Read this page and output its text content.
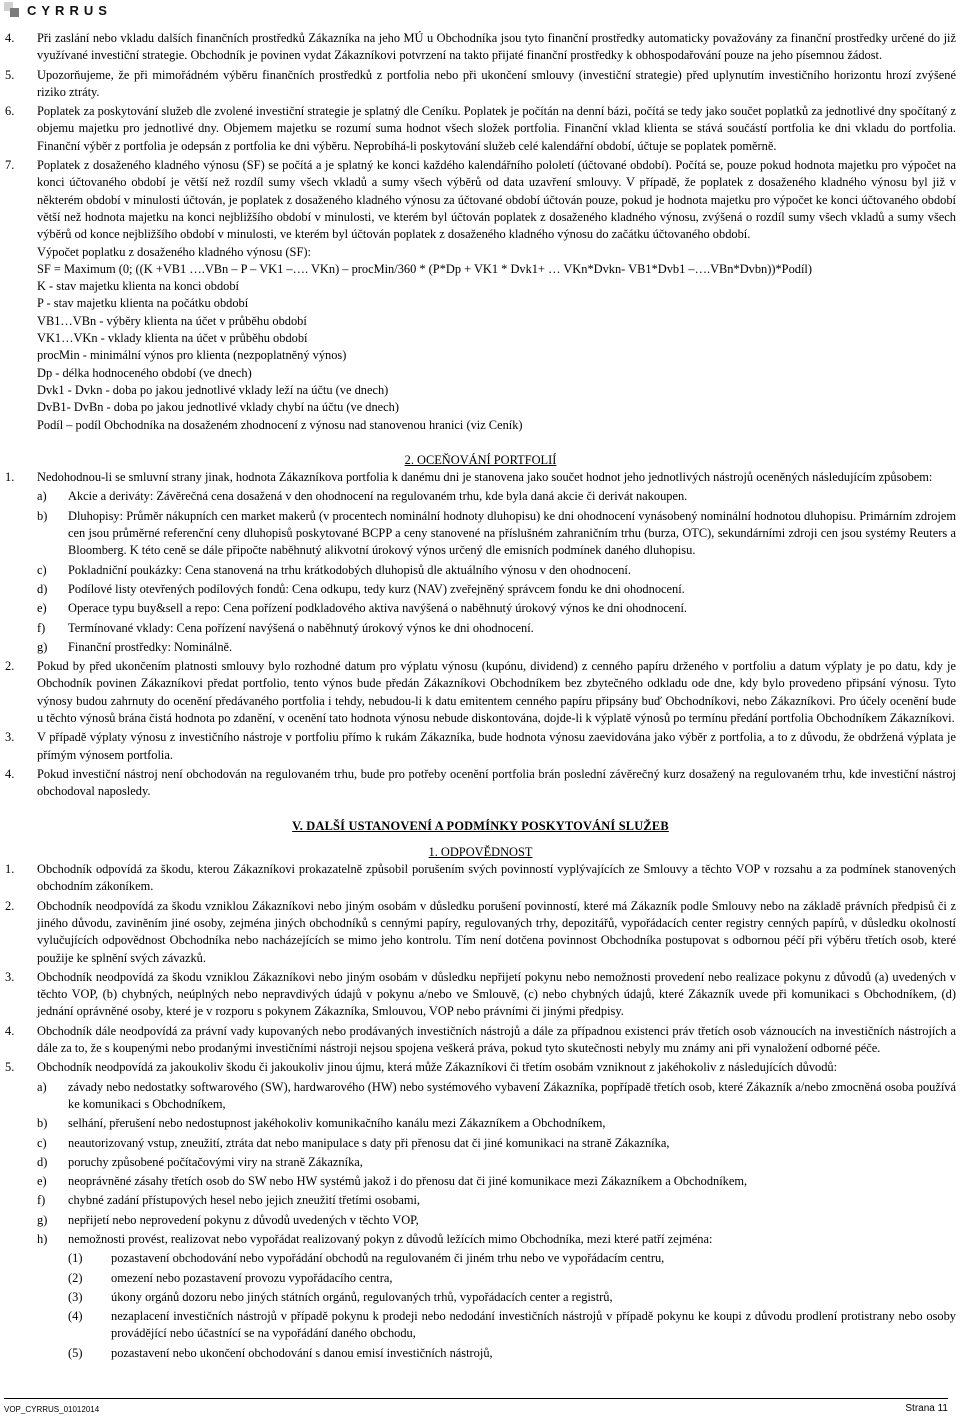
CYRRUS
4. Při zaslání nebo vkladu dalších finančních prostředků Zákazníka na jeho MÚ u Obchodníka jsou tyto finanční prostředky automaticky považovány za finanční prostředky určené do již využívané investiční strategie. Obchodník je povinen vydat Zákazníkovi potvrzení na takto přijaté finanční prostředky k obhospodařování pouze na jeho písemnou žádost.
5. Upozorňujeme, že při mimořádném výběru finančních prostředků z portfolia nebo při ukončení smlouvy (investiční strategie) před uplynutím investičního horizontu hrozí zvýšené riziko ztráty.
6. Poplatek za poskytování služeb dle zvolené investiční strategie je splatný dle Ceníku. Poplatek je počítán na denní bázi, počítá se tedy jako součet poplatků za jednotlivé dny spočítaný z objemu majetku pro jednotlivé dny. Objemem majetku se rozumí suma hodnot všech složek portfolia. Finanční vklad klienta se stává součástí portfolia ke dni vkladu do portfolia. Finanční výběr z portfolia je odepsán z portfolia ke dni výběru. Neprobíhá-li poskytování služeb celé kalendářní období, účtuje se poplatek poměrně.
7. Poplatek z dosaženého kladného výnosu (SF) se počítá a je splatný ke konci každého kalendářního pololetí (účtované období). Počítá se, pouze pokud hodnota majetku pro výpočet na konci účtovaného období je větší než rozdíl sumy všech vkladů a sumy všech výběrů od data uzavření smlouvy. V případě, že poplatek z dosaženého kladného výnosu byl již v některém období v minulosti účtován, je poplatek z dosaženého kladného výnosu za účtované období účtován pouze, pokud je hodnota majetku pro výpočet ke konci účtovaného období větší než hodnota majetku na konci nejbližšího období v minulosti, ve kterém byl účtován poplatek z dosaženého kladného výnosu, zvýšená o rozdíl sumy všech vkladů a sumy všech výběrů od konce nejbližšího období v minulosti, ve kterém byl účtován poplatek z dosaženého kladného výnosu do začátku účtovaného období.

Výpočet poplatku z dosaženého kladného výnosu (SF):

SF = Maximum (0; ((K +VB1 ….VBn – P – VK1 –…. VKn) – procMin/360 * (P*Dp + VK1 * Dvk1+ … VKn*Dvkn- VB1*Dvb1 –….VBn*Dvbn))*Podíl)

K - stav majetku klienta na konci období

P - stav majetku klienta na počátku období

VB1…VBn - výběry klienta na účet v průběhu období

VK1…VKn - vklady klienta na účet v průběhu období

procMin - minimální výnos pro klienta (nezpoplatněný výnos)

Dp - délka hodnoceného období (ve dnech)

Dvk1 - Dvkn - doba po jakou jednotlivé vklady leží na účtu (ve dnech)

DvB1- DvBn - doba po jakou jednotlivé vklady chybí na účtu (ve dnech)

Podíl – podíl Obchodníka na dosaženém zhodnocení z výnosu nad stanovenou hranici (viz Ceník)

2. OCEŇOVÁNÍ PORTFOLIÍ

1. Nedohodnou-li se smluvní strany jinak, hodnota Zákazníkova portfolia k danému dni je stanovena jako součet hodnot jeho jednotlivých nástrojů oceněných následujícím způsobem:
a) Akcie a deriváty: Závěrečná cena dosažená v den ohodnocení na regulovaném trhu, kde byla daná akcie či derivát nakoupen.
b) Dluhopisy: Průměr nákupních cen market makerů (v procentech nominální hodnoty dluhopisu) ke dni ohodnocení vynásobený nominální hodnotou dluhopisu. Primárním zdrojem cen jsou průměrné referenční ceny dluhopisů poskytované BCPP a ceny stanovené na příslušném zahraničním trhu (burza, OTC), sekundárními zdroji cen jsou systémy Reuters a Bloomberg. K této ceně se dále připočte naběhnutý alikvotní úrokový výnos určený dle emisních podmínek daného dluhopisu.
c) Pokladniční poukázky: Cena stanovená na trhu krátkodobých dluhopisů dle aktuálního výnosu v den ohodnocení.
d) Podílové listy otevřených podílových fondů: Cena odkupu, tedy kurz (NAV) zveřejněný správcem fondu ke dni ohodnocení.
e) Operace typu buy&sell a repo: Cena pořízení podkladového aktiva navýšená o naběhnutý úrokový výnos ke dni ohodnocení.
f) Termínované vklady: Cena pořízení navýšená o naběhnutý úrokový výnos ke dni ohodnocení.
g) Finanční prostředky: Nominálně.
2. Pokud by před ukončením platnosti smlouvy bylo rozhodné datum pro výplatu výnosu (kupónu, dividend) z cenného papíru drženého v portfoliu a datum výplaty je po datu, kdy je Obchodník povinen Zákazníkovi předat portfolio, tento výnos bude předán Zákazníkovi Obchodníkem bez zbytečného odkladu ode dne, kdy bylo provedeno připsání výnosu. Tyto výnosy budou zahrnuty do ocenění předávaného portfolia i tehdy, nebudou-li k datu emitentem cenného papíru připsány buď Obchodníkovi, nebo Zákazníkovi. Pro účely ocenění bude u těchto výnosů brána čistá hodnota po zdanění, v ocenění tato hodnota výnosu nebude diskontována, dojde-li k výplatě výnosů po termínu předání portfolia Obchodníkem Zákazníkovi.
3. V případě výplaty výnosu z investičního nástroje v portfoliu přímo k rukám Zákazníka, bude hodnota výnosu zaevidována jako výběr z portfolia, a to z důvodu, že obdržená výplata je přímým výnosem portfolia.
4. Pokud investiční nástroj není obchodován na regulovaném trhu, bude pro potřeby ocenění portfolia brán poslední závěrečný kurz dosažený na regulovaném trhu, kde investiční nástroj obchodoval naposledy.

V. DALŠÍ USTANOVENÍ A PODMÍNKY POSKYTOVÁNÍ SLUŽEB

1. ODPOVĚDNOST

1. Obchodník odpovídá za škodu, kterou Zákazníkovi prokazatelně způsobil porušením svých povinností vyplývajících ze Smlouvy a těchto VOP v rozsahu a za podmínek stanovených obchodním zákoníkem.
2. Obchodník neodpovídá za škodu vzniklou Zákazníkovi nebo jiným osobám v důsledku porušení povinností, které má Zákazník podle Smlouvy nebo na základě právních předpisů či z jiného důvodu, zaviněním jiné osoby, zejména jiných obchodníků s cennými papíry, regulovaných trhy, depozitářů, vypořádacích center registry cenných papírů, v důsledku okolností vylučujících odpovědnost Obchodníka nebo nacházejících se mimo jeho kontrolu. Tím není dotčena povinnost Obchodníka postupovat s odbornou péčí při výběru třetích osob, které použije ke splnění svých závazků.
3. Obchodník neodpovídá za škodu vzniklou Zákazníkovi nebo jiným osobám v důsledku nepřijetí pokynu nebo nemožnosti provedení nebo realizace pokynu z důvodů (a) uvedených v těchto VOP, (b) chybných, neúplných nebo nepravdivých údajů v pokynu a/nebo ve Smlouvě, (c) nebo chybných údajů, které Zákazník uvede při komunikaci s Obchodníkem, (d) jednání oprávněné osoby, které je v rozporu s pokynem Zákazníka, Smlouvou, VOP nebo právními či jinými předpisy.
4. Obchodník dále neodpovídá za právní vady kupovaných nebo prodávaných investičních nástrojů a dále za případnou existenci práv třetích osob váznoucích na investičních nástrojích a dále za to, že s koupenými nebo prodanými investičními nástroji nejsou spojena veškerá práva, pokud tyto skutečnosti nebyly mu známy ani při vynaložení odborné péče.
5. Obchodník neodpovídá za jakoukoliv škodu či jakoukoliv jinou újmu, která může Zákazníkovi či třetím osobám vzniknout z jakéhokoliv z následujících důvodů:
a) závady nebo nedostatky softwarového (SW), hardwarového (HW) nebo systémového vybavení Zákazníka, popřípadě třetích osob, které Zákazník a/nebo zmocněná osoba používá ke komunikaci s Obchodníkem,
b) selhání, přerušení nebo nedostupnost jakéhokoliv komunikačního kanálu mezi Zákazníkem a Obchodníkem,
c) neautorizovaný vstup, zneužití, ztráta dat nebo manipulace s daty při přenosu dat či jiné komunikaci na straně Zákazníka,
d) poruchy způsobené počítačovými viry na straně Zákazníka,
e) neoprávněné zásahy třetích osob do SW nebo HW systémů jakož i do přenosu dat či jiné komunikace mezi Zákazníkem a Obchodníkem,
f) chybné zadání přístupových hesel nebo jejich zneužití třetími osobami,
g) nepřijetí nebo neprovedení pokynu z důvodů uvedených v těchto VOP,
h) nemožnosti provést, realizovat nebo vypořádat realizovaný pokyn z důvodů ležících mimo Obchodníka, mezi které patří zejména:
(1) pozastavení obchodování nebo vypořádání obchodů na regulovaném či jiném trhu nebo ve vypořádacím centru,
(2) omezení nebo pozastavení provozu vypořádacího centra,
(3) úkony orgánů dozoru nebo jiných státních orgánů, regulovaných trhů, vypořádacích center a registrů,
(4) nezaplacení investičních nástrojů v případě pokynu k prodeji nebo nedodání investičních nástrojů v případě pokynu ke koupi z důvodu prodlení protistrany nebo osoby provádějící nebo účastnící se na vypořádání daného obchodu,
(5) pozastavení nebo ukončení obchodování s danou emisí investičních nástrojů,
VOP_CYRRUS_01012014	Strana 11
